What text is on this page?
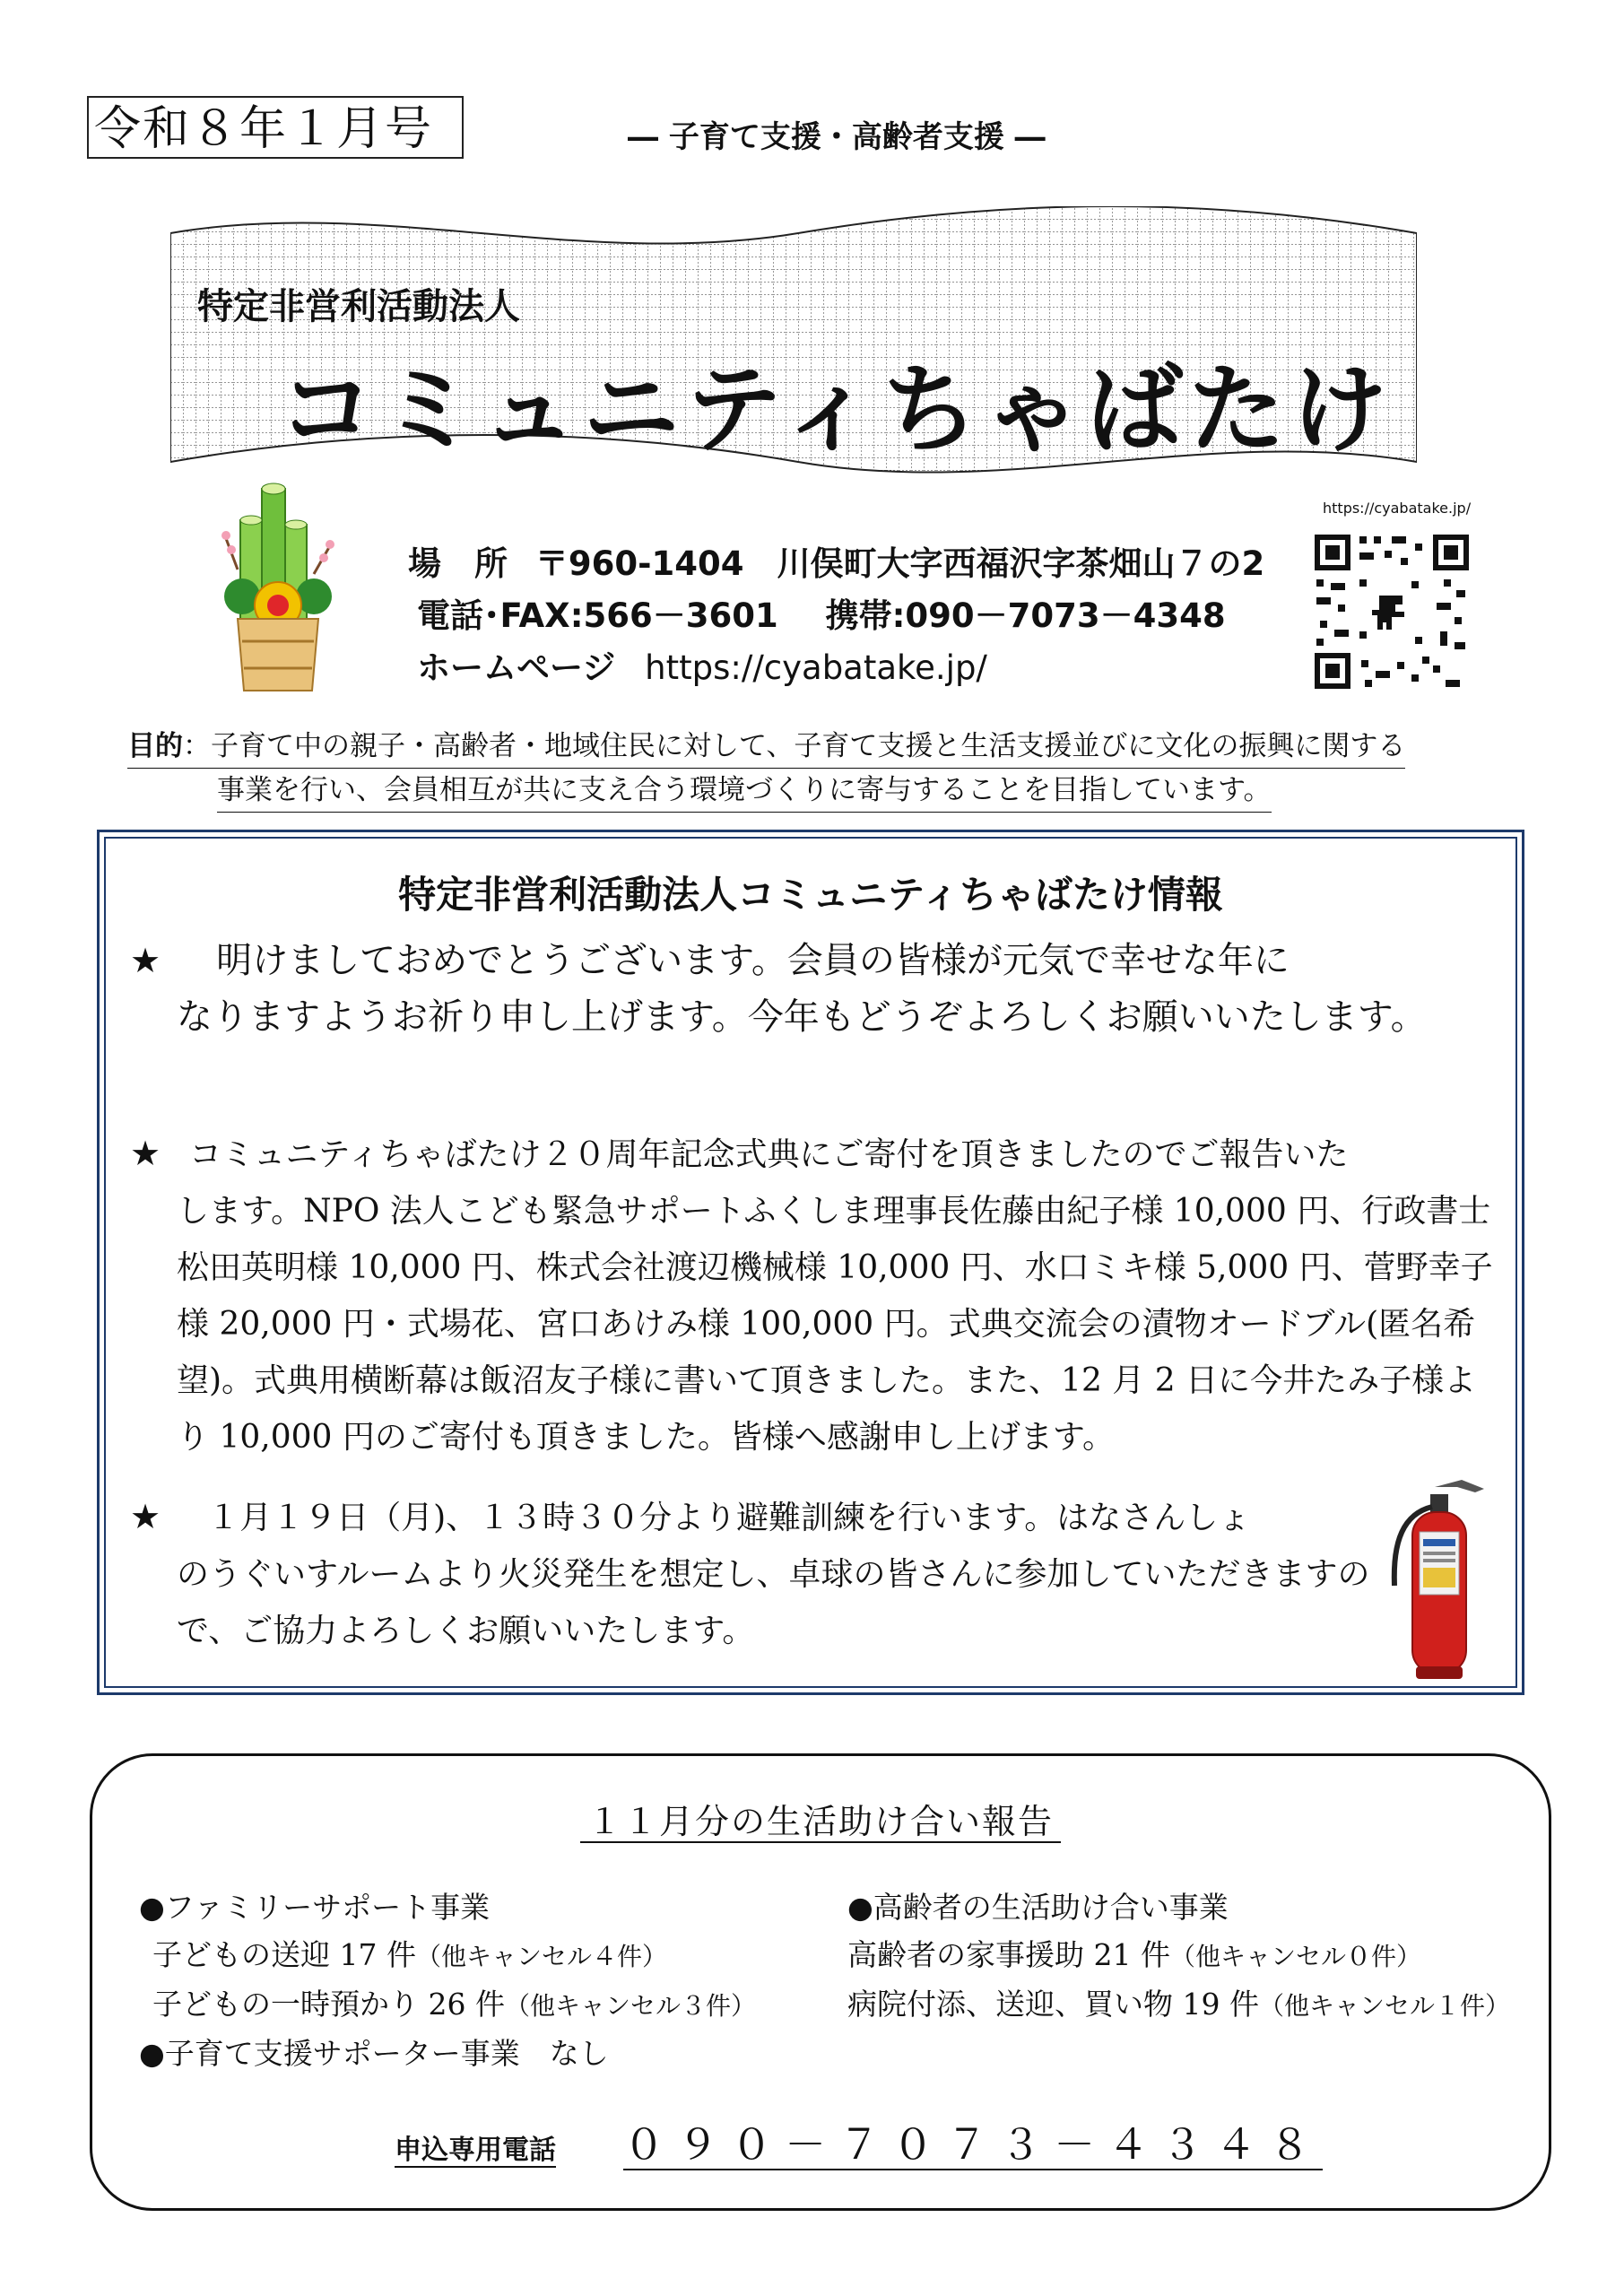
令和８年１月号	― 子育て支援・高齢者支援 ―
特定非営利活動法人
コミュニティちゃばたけ
場　所 〒960-1404　川俣町大字西福沢字茶畑山７の2
電話･FAX:566－3601 携帯:090－7073－4348
ホームページ https://cyabatake.jp/
https://cyabatake.jp/
目的：子育て中の親子・高齢者・地域住民に対して、子育て支援と生活支援並びに文化の振興に関する
事業を行い、会員相互が共に支え合う環境づくりに寄与することを目指しています。
特定非営利活動法人コミュニティちゃばたけ情報

★ 明けましておめでとうございます。会員の皆様が元気で幸せな年に

なりますようお祈り申し上げます。今年もどうぞよろしくお願いいたします。

★ コミュニティちゃばたけ２０周年記念式典にご寄付を頂きましたのでご報告いた

します。NPO 法人こども緊急サポートふくしま理事長佐藤由紀子様 10,000 円、行政書士松田英明様 10,000 円、株式会社渡辺機械様 10,000 円、水口ミキ様 5,000 円、菅野幸子様 20,000 円・式場花、宮口あけみ様 100,000 円。式典交流会の漬物オードブル(匿名希望)。式典用横断幕は飯沼友子様に書いて頂きました。また、12 月 2 日に今井たみ子様より 10,000 円のご寄付も頂きました。皆様へ感謝申し上げます。

★ １月１９日（月)、１３時３０分より避難訓練を行います。はなさんしょ

のうぐいすルームより火災発生を想定し、卓球の皆さんに参加していただきますので、ご協力よろしくお願いいたします。

１１月分の生活助け合い報告
●ファミリーサポート事業
子どもの送迎 17 件（他キャンセル４件）
子どもの一時預かり 26 件（他キャンセル３件）
●子育て支援サポーター事業　なし
●高齢者の生活助け合い事業
高齢者の家事援助 21 件（他キャンセル０件）
病院付添、送迎、買い物 19 件（他キャンセル１件）
申込専用電話 ０９０－７０７３－４３４８
